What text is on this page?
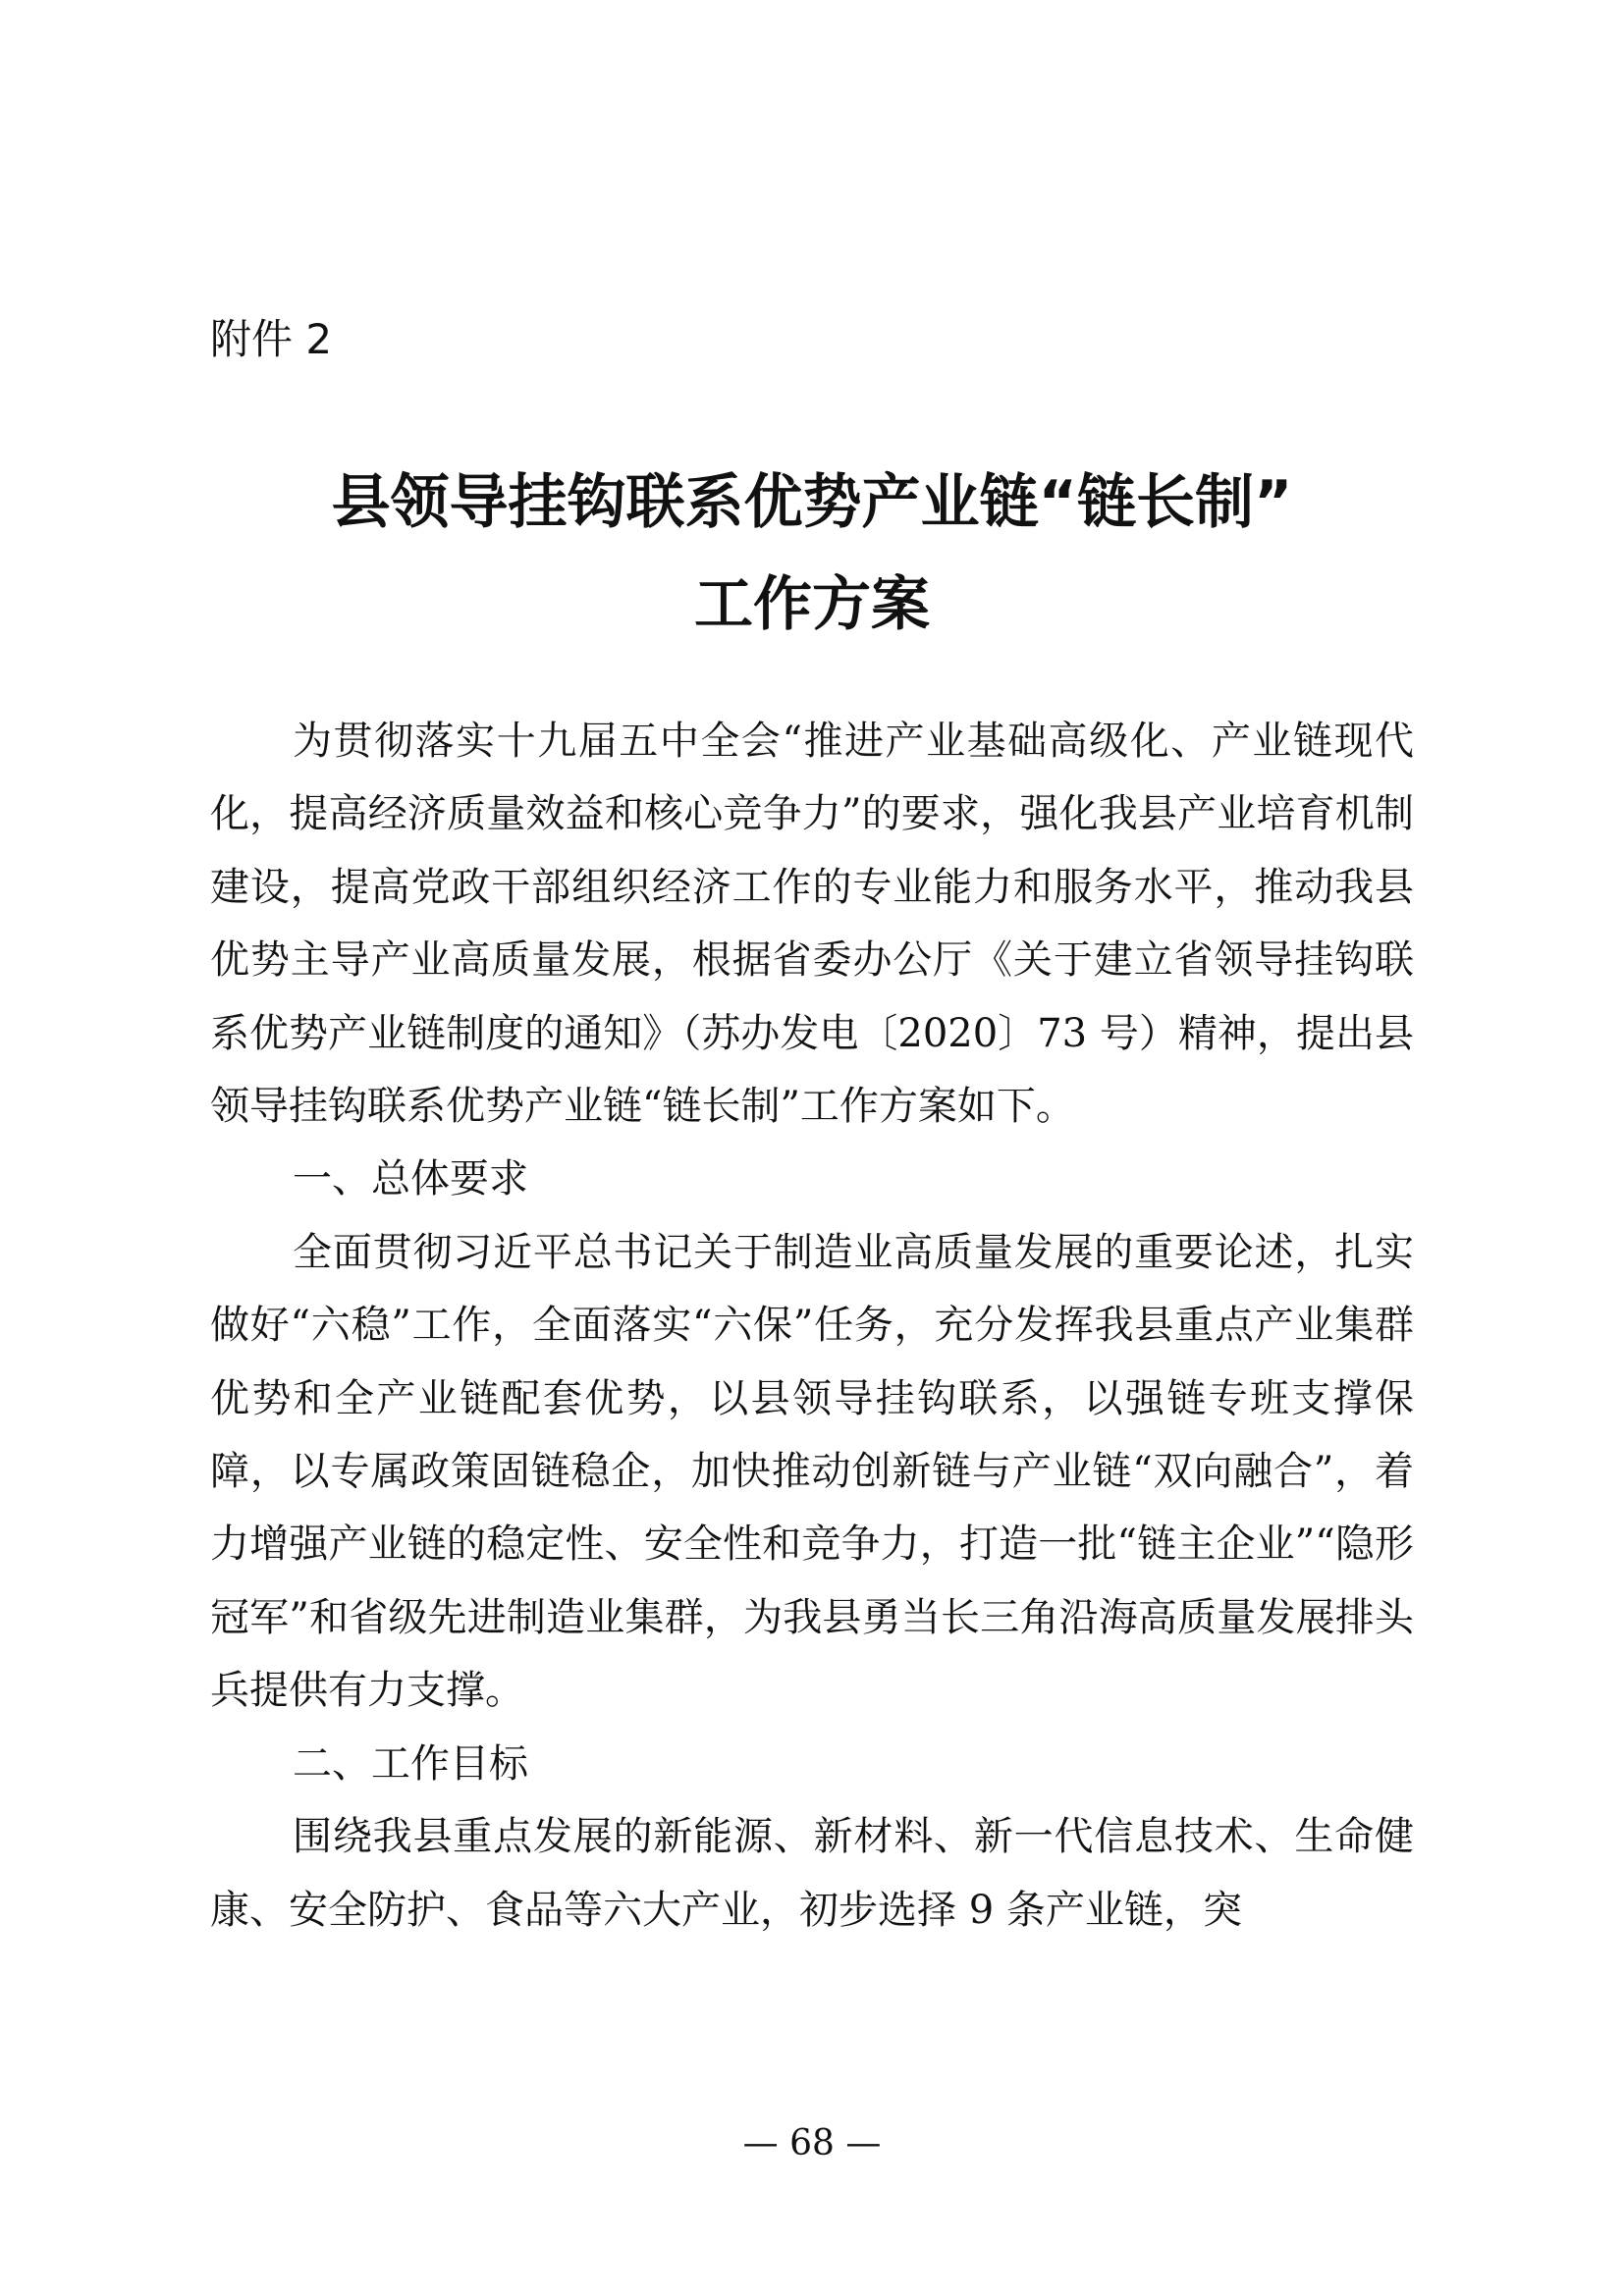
附件 2

县领导挂钩联系优势产业链“链长制”
工作方案

为贯彻落实十九届五中全会“推进产业基础高级化、产业链现代化，提高经济质量效益和核心竞争力”的要求，强化我县产业培育机制建设，提高党政干部组织经济工作的专业能力和服务水平，推动我县优势主导产业高质量发展，根据省委办公厅《关于建立省领导挂钩联系优势产业链制度的通知》（苏办发电〔2020〕73 号）精神，提出县领导挂钩联系优势产业链“链长制”工作方案如下。

一、总体要求

全面贯彻习近平总书记关于制造业高质量发展的重要论述，扎实做好“六稳”工作，全面落实“六保”任务，充分发挥我县重点产业集群优势和全产业链配套优势，以县领导挂钩联系，以强链专班支撑保障，以专属政策固链稳企，加快推动创新链与产业链“双向融合”，着力增强产业链的稳定性、安全性和竞争力，打造一批“链主企业”“隐形冠军”和省级先进制造业集群，为我县勇当长三角沿海高质量发展排头兵提供有力支撑。

二、工作目标

围绕我县重点发展的新能源、新材料、新一代信息技术、生命健康、安全防护、食品等六大产业，初步选择 9 条产业链，突

— 68 —
